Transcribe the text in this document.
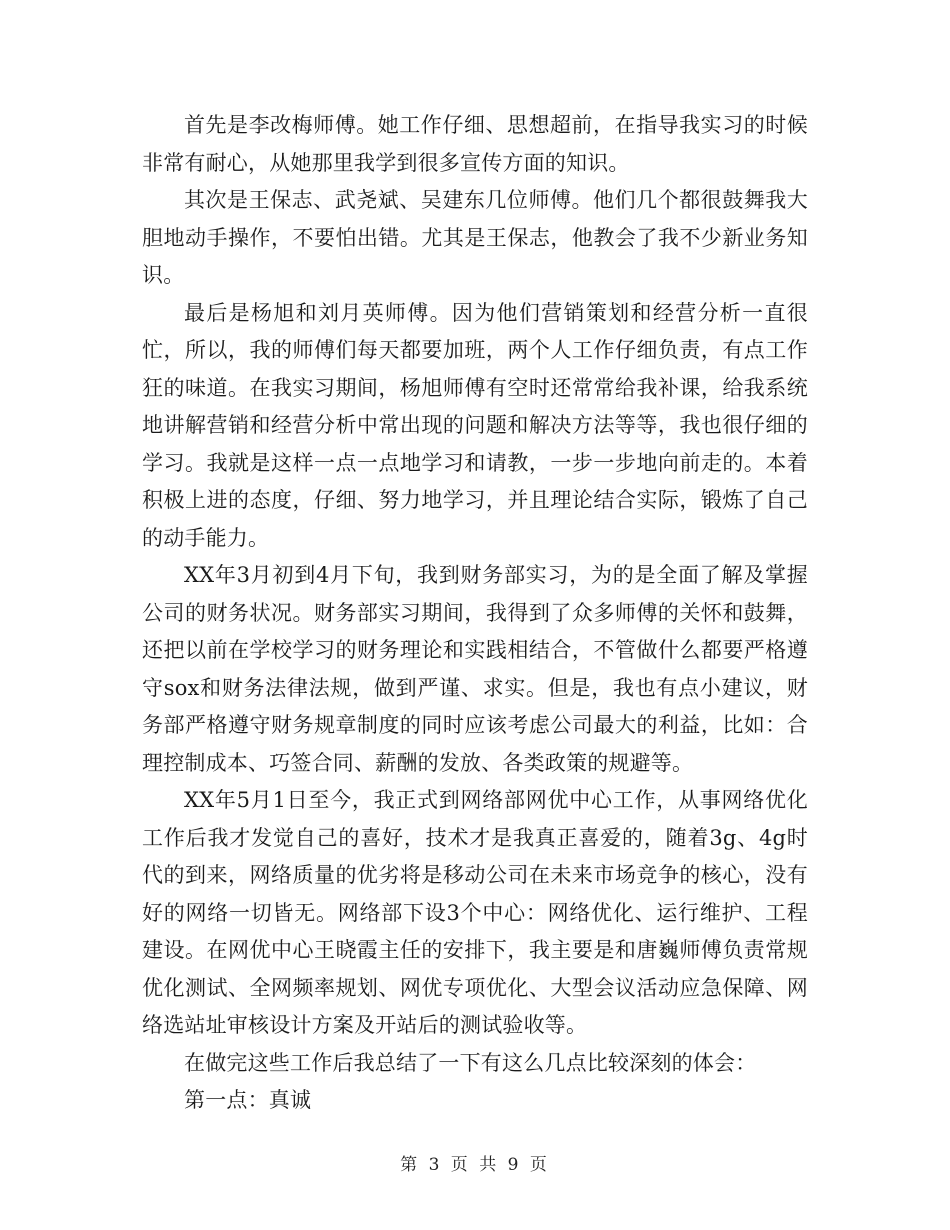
首先是李改梅师傅。她工作仔细、思想超前，在指导我实习的时候非常有耐心，从她那里我学到很多宣传方面的知识。

其次是王保志、武尧斌、吴建东几位师傅。他们几个都很鼓舞我大胆地动手操作，不要怕出错。尤其是王保志，他教会了我不少新业务知识。

最后是杨旭和刘月英师傅。因为他们营销策划和经营分析一直很忙，所以，我的师傅们每天都要加班，两个人工作仔细负责，有点工作狂的味道。在我实习期间，杨旭师傅有空时还常常给我补课，给我系统地讲解营销和经营分析中常出现的问题和解决方法等等，我也很仔细的学习。我就是这样一点一点地学习和请教，一步一步地向前走的。本着积极上进的态度，仔细、努力地学习，并且理论结合实际，锻炼了自己的动手能力。

XX年3月初到4月下旬，我到财务部实习，为的是全面了解及掌握公司的财务状况。财务部实习期间，我得到了众多师傅的关怀和鼓舞，还把以前在学校学习的财务理论和实践相结合，不管做什么都要严格遵守sox和财务法律法规，做到严谨、求实。但是，我也有点小建议，财务部严格遵守财务规章制度的同时应该考虑公司最大的利益，比如：合理控制成本、巧签合同、薪酬的发放、各类政策的规避等。

XX年5月1日至今，我正式到网络部网优中心工作，从事网络优化工作后我才发觉自己的喜好，技术才是我真正喜爱的，随着3g、4g时代的到来，网络质量的优劣将是移动公司在未来市场竞争的核心，没有好的网络一切皆无。网络部下设3个中心：网络优化、运行维护、工程建设。在网优中心王晓霞主任的安排下，我主要是和唐巍师傅负责常规优化测试、全网频率规划、网优专项优化、大型会议活动应急保障、网络选站址审核设计方案及开站后的测试验收等。

在做完这些工作后我总结了一下有这么几点比较深刻的体会：

第一点：真诚

第 3 页 共 9 页
